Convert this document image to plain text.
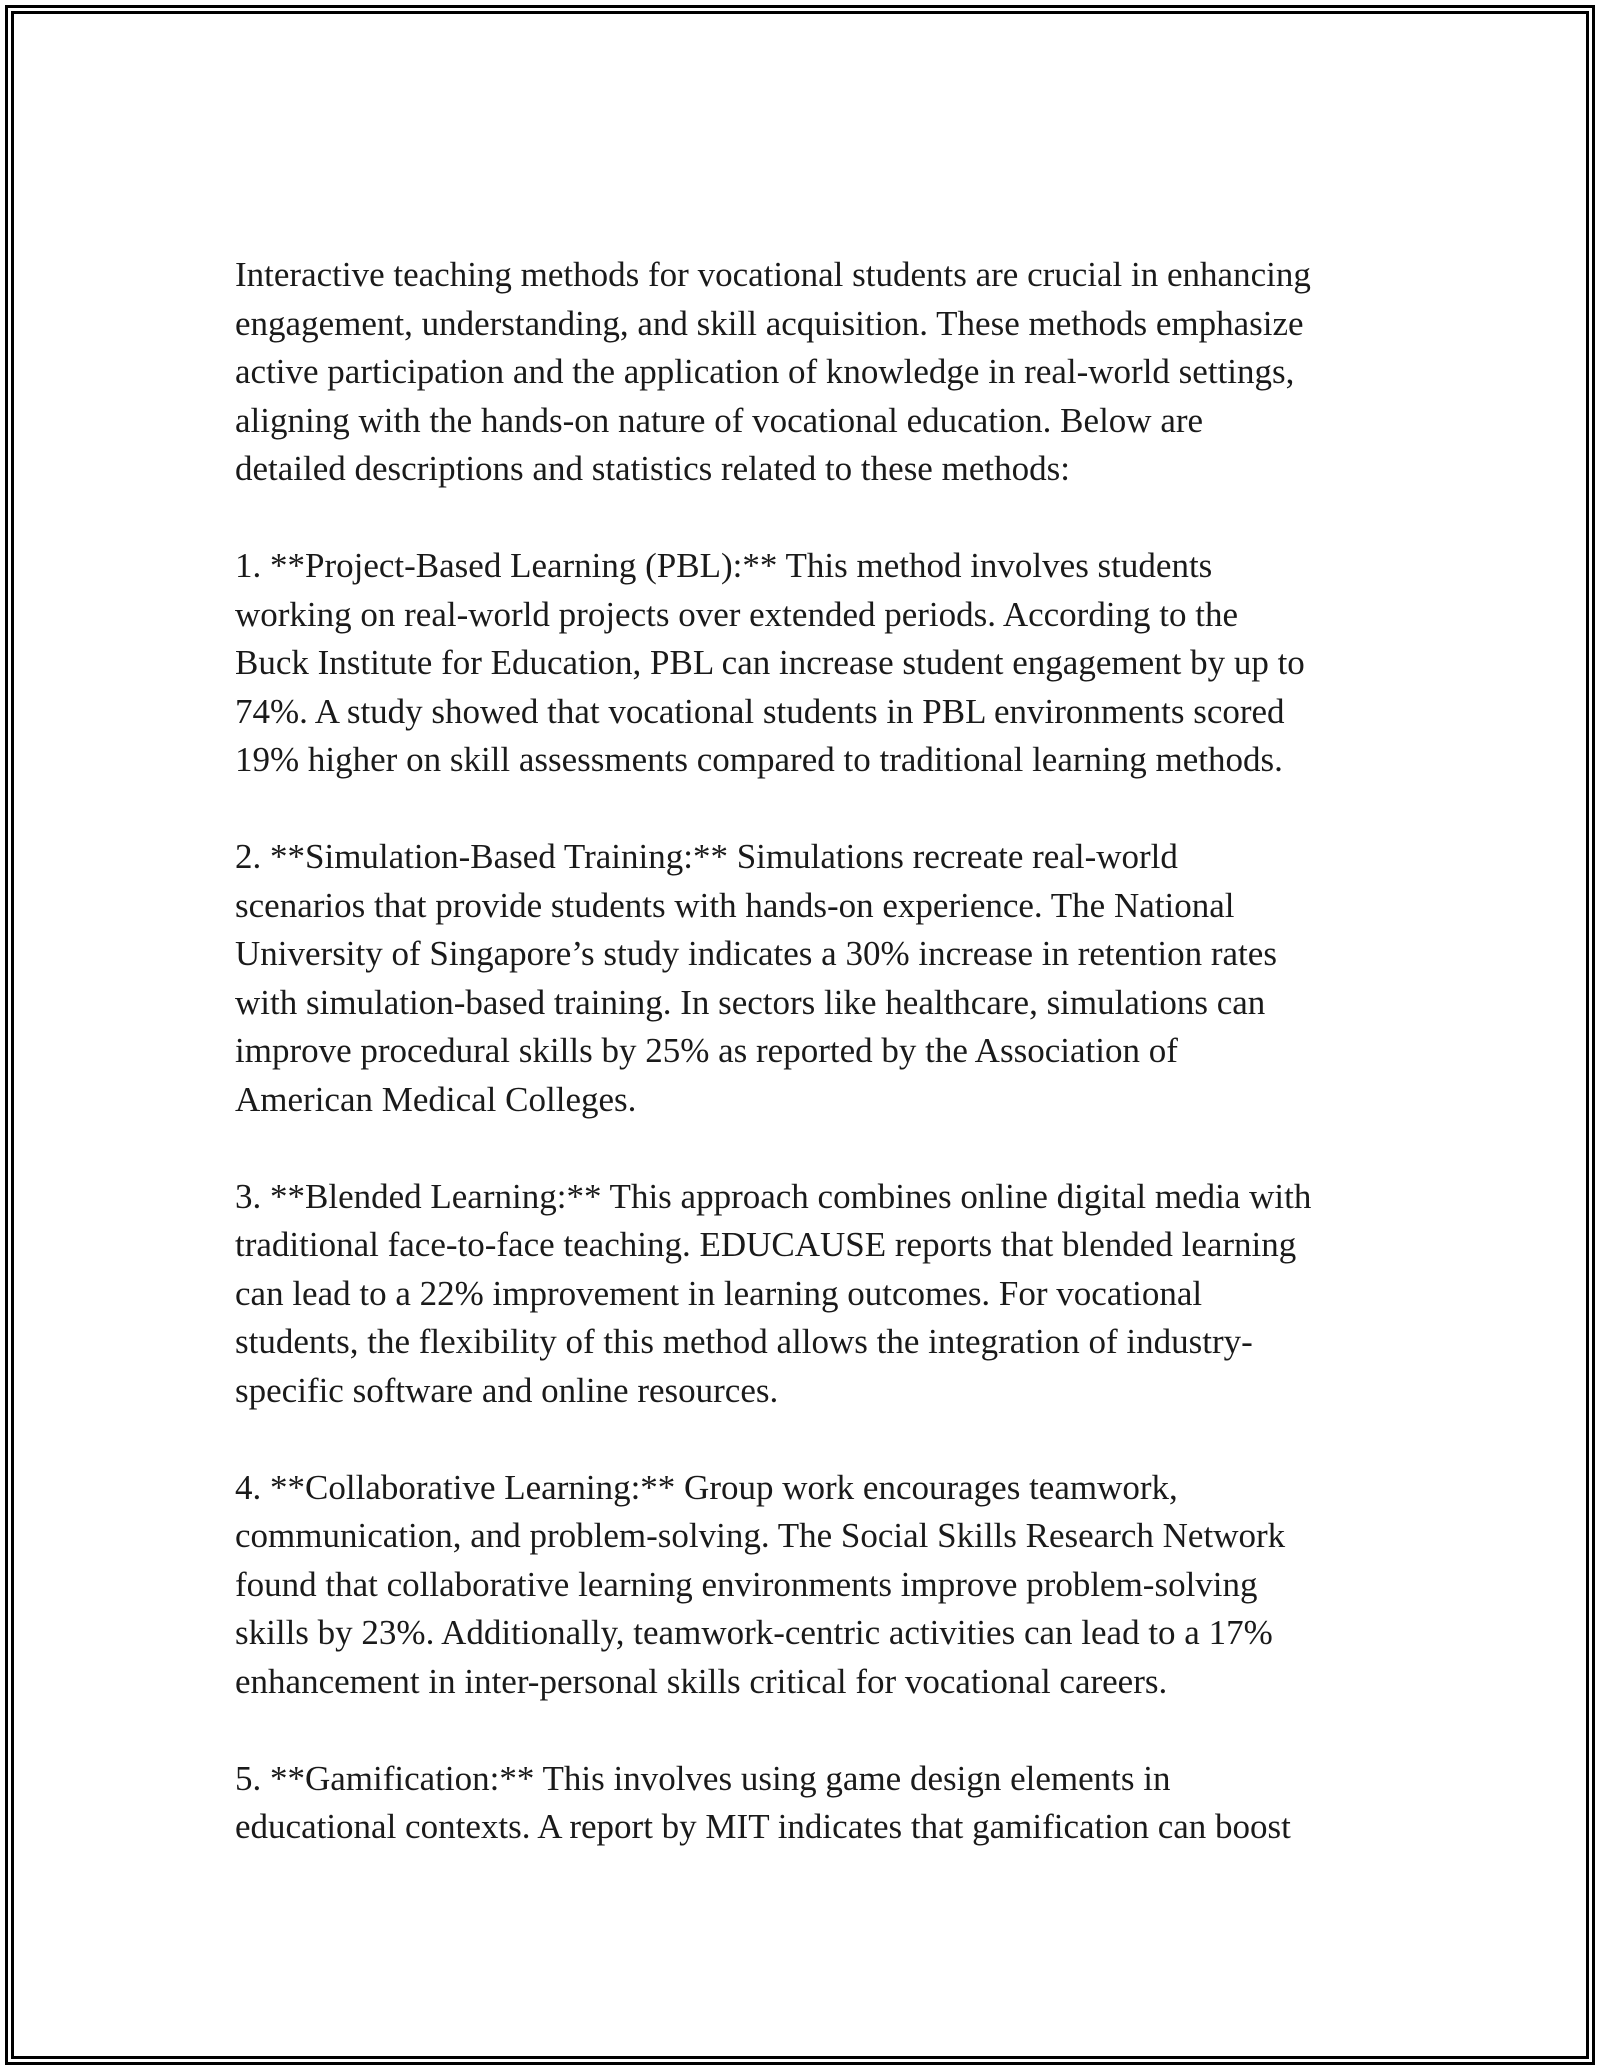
Interactive teaching methods for vocational students are crucial in enhancing
engagement, understanding, and skill acquisition. These methods emphasize
active participation and the application of knowledge in real-world settings,
aligning with the hands-on nature of vocational education. Below are
detailed descriptions and statistics related to these methods:
1. **Project-Based Learning (PBL):** This method involves students
working on real-world projects over extended periods. According to the
Buck Institute for Education, PBL can increase student engagement by up to
74%. A study showed that vocational students in PBL environments scored
19% higher on skill assessments compared to traditional learning methods.
2. **Simulation-Based Training:** Simulations recreate real-world
scenarios that provide students with hands-on experience. The National
University of Singapore’s study indicates a 30% increase in retention rates
with simulation-based training. In sectors like healthcare, simulations can
improve procedural skills by 25% as reported by the Association of
American Medical Colleges.
3. **Blended Learning:** This approach combines online digital media with
traditional face-to-face teaching. EDUCAUSE reports that blended learning
can lead to a 22% improvement in learning outcomes. For vocational
students, the flexibility of this method allows the integration of industry-
specific software and online resources.
4. **Collaborative Learning:** Group work encourages teamwork,
communication, and problem-solving. The Social Skills Research Network
found that collaborative learning environments improve problem-solving
skills by 23%. Additionally, teamwork-centric activities can lead to a 17%
enhancement in inter-personal skills critical for vocational careers.
5. **Gamification:** This involves using game design elements in
educational contexts. A report by MIT indicates that gamification can boost
